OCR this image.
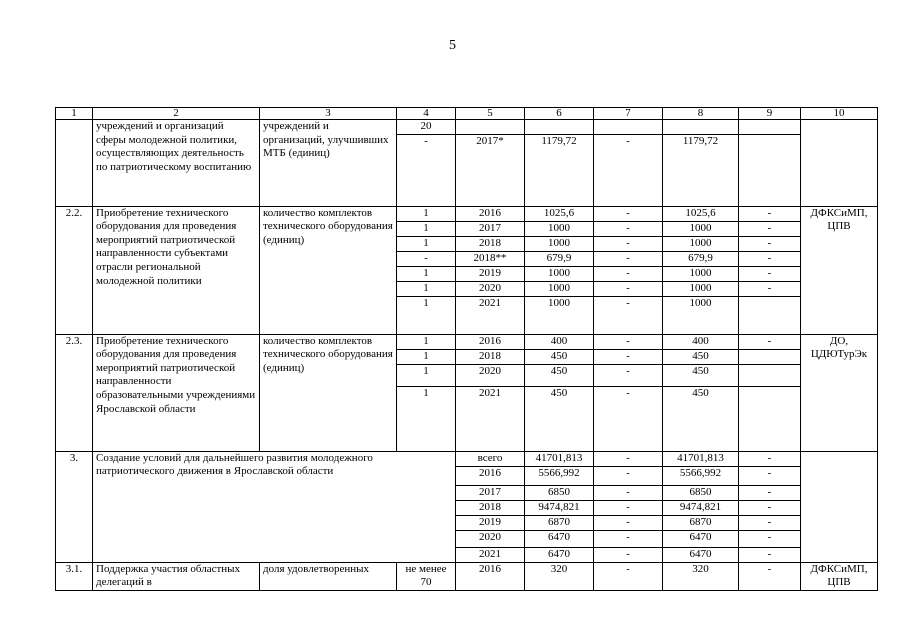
5
1	2	3	4	5	6	7	8	9	10
	учреждений и организаций сферы молодежной политики, осуществляющих деятельность по патриотическому воспитанию	учреждений и организаций, улучшивших МТБ (единиц)	20						
			-	2017*	1179,72	-	1179,72		
2.2.	Приобретение технического оборудования для проведения мероприятий патриотической направленности субъектами отрасли региональной молодежной политики	количество комплектов технического оборудования (единиц)	1	2016	1025,6	-	1025,6	-	ДФКСиМП, ЦПВ
			1	2017	1000	-	1000	-	
			1	2018	1000	-	1000	-	
			-	2018**	679,9	-	679,9	-	
			1	2019	1000	-	1000	-	
			1	2020	1000	-	1000	-	
			1	2021	1000	-	1000		
2.3.	Приобретение технического оборудования для проведения мероприятий патриотической направленности образовательными учреждениями Ярославской области	количество комплектов технического оборудования (единиц)	1	2016	400	-	400	-	ДО, ЦДЮТурЭк
			1	2018	450	-	450		
			1	2020	450	-	450		
			1	2021	450	-	450		
3.	Создание условий для дальнейшего развития молодежного патриотического движения в Ярославской области			всего	41701,813	-	41701,813	-	
				2016	5566,992	-	5566,992	-	
				2017	6850	-	6850	-	
				2018	9474,821	-	9474,821	-	
				2019	6870	-	6870	-	
				2020	6470	-	6470	-	
				2021	6470	-	6470	-	
3.1.	Поддержка участия областных делегаций в	доля удовлетворенных	не менее 70	2016	320	-	320	-	ДФКСиМП, ЦПВ
